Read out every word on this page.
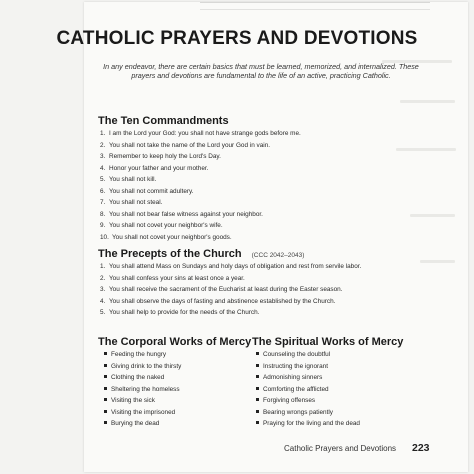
CATHOLIC PRAYERS AND DEVOTIONS
In any endeavor, there are certain basics that must be learned, memorized, and internalized. These prayers and devotions are fundamental to the life of an active, practicing Catholic.
The Ten Commandments
1. I am the Lord your God: you shall not have strange gods before me.
2. You shall not take the name of the Lord your God in vain.
3. Remember to keep holy the Lord's Day.
4. Honor your father and your mother.
5. You shall not kill.
6. You shall not commit adultery.
7. You shall not steal.
8. You shall not bear false witness against your neighbor.
9. You shall not covet your neighbor's wife.
10. You shall not covet your neighbor's goods.
The Precepts of the Church (CCC 2042–2043)
1. You shall attend Mass on Sundays and holy days of obligation and rest from servile labor.
2. You shall confess your sins at least once a year.
3. You shall receive the sacrament of the Eucharist at least during the Easter season.
4. You shall observe the days of fasting and abstinence established by the Church.
5. You shall help to provide for the needs of the Church.
The Corporal Works of Mercy
Feeding the hungry
Giving drink to the thirsty
Clothing the naked
Sheltering the homeless
Visiting the sick
Visiting the imprisoned
Burying the dead
The Spiritual Works of Mercy
Counseling the doubtful
Instructing the ignorant
Admonishing sinners
Comforting the afflicted
Forgiving offenses
Bearing wrongs patiently
Praying for the living and the dead
Catholic Prayers and Devotions 223
